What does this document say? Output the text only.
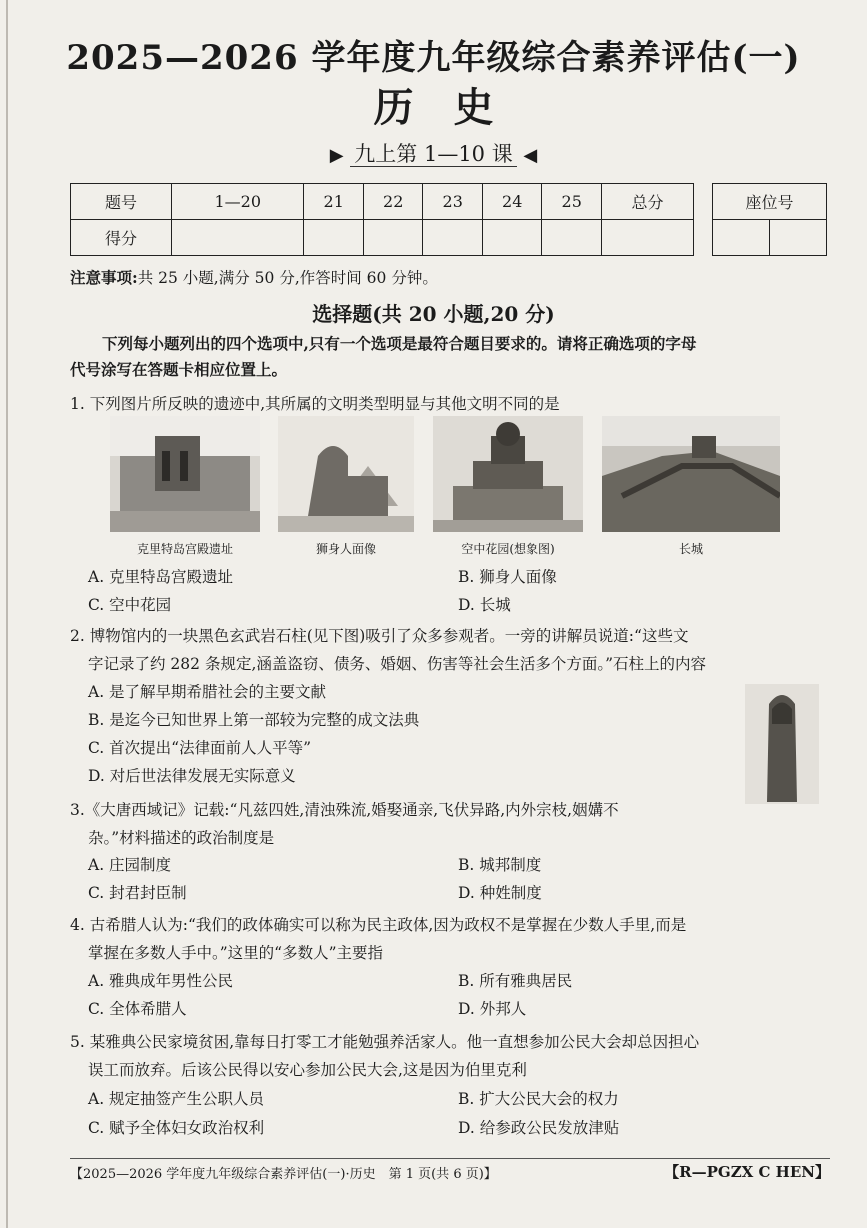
2025—2026 学年度九年级综合素养评估(一)
历史
▶ 九上第 1—10 课 ◀
题号	1—20	21	22	23	24	25	总分
得分							
座位号

注意事项:共 25 小题,满分 50 分,作答时间 60 分钟。
选择题(共 20 小题,20 分)
下列每小题列出的四个选项中,只有一个选项是最符合题目要求的。请将正确选项的字母
代号涂写在答题卡相应位置上。
1. 下列图片所反映的遗迹中,其所属的文明类型明显与其他文明不同的是
克里特岛宫殿遗址	狮身人面像	空中花园(想象图)	长城
A. 克里特岛宫殿遗址	B. 狮身人面像
C. 空中花园	D. 长城
2. 博物馆内的一块黑色玄武岩石柱(见下图)吸引了众多参观者。一旁的讲解员说道:“这些文
字记录了约 282 条规定,涵盖盗窃、债务、婚姻、伤害等社会生活多个方面。”石柱上的内容
A. 是了解早期希腊社会的主要文献
B. 是迄今已知世界上第一部较为完整的成文法典
C. 首次提出“法律面前人人平等”
D. 对后世法律发展无实际意义
3.《大唐西域记》记载:“凡兹四姓,清浊殊流,婚娶通亲,飞伏异路,内外宗枝,姻媾不
杂。”材料描述的政治制度是
A. 庄园制度	B. 城邦制度
C. 封君封臣制	D. 种姓制度
4. 古希腊人认为:“我们的政体确实可以称为民主政体,因为政权不是掌握在少数人手里,而是
掌握在多数人手中。”这里的“多数人”主要指
A. 雅典成年男性公民	B. 所有雅典居民
C. 全体希腊人	D. 外邦人
5. 某雅典公民家境贫困,靠每日打零工才能勉强养活家人。他一直想参加公民大会却总因担心
误工而放弃。后该公民得以安心参加公民大会,这是因为伯里克利
A. 规定抽签产生公职人员	B. 扩大公民大会的权力
C. 赋予全体妇女政治权利	D. 给参政公民发放津贴
【2025—2026 学年度九年级综合素养评估(一)·历史　第 1 页(共 6 页)】	【R—PGZX C HEN】
